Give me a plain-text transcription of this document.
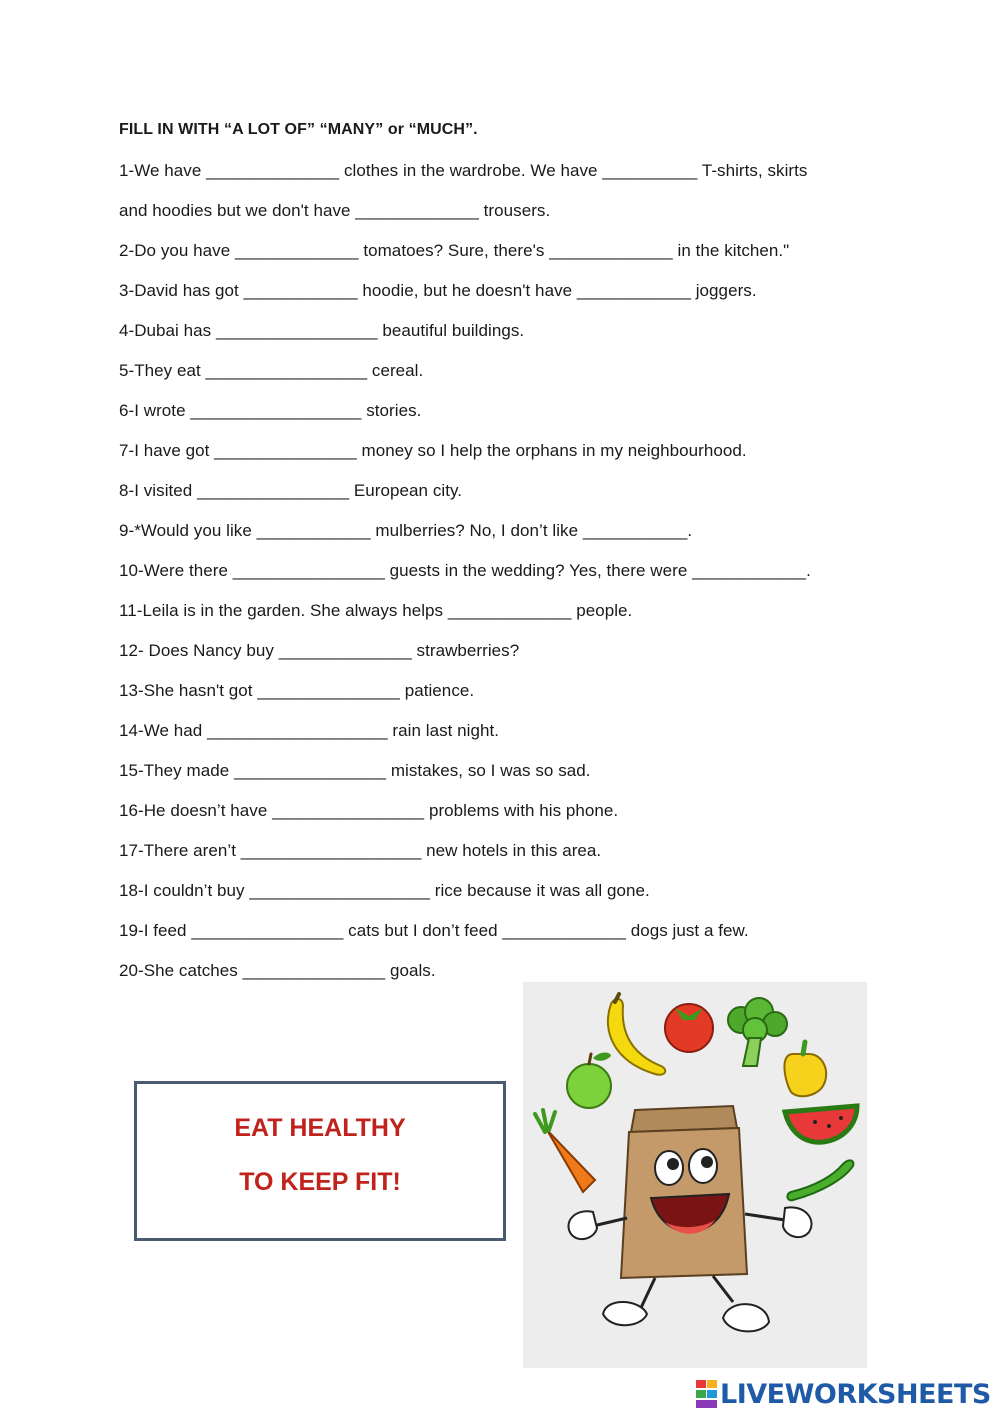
FILL IN WITH “A LOT OF” “MANY” or “MUCH”.
1-We have ______________ clothes in the wardrobe. We have __________ T-shirts, skirts
and hoodies but we don't have _____________ trousers.
2-Do you have _____________ tomatoes? Sure, there's _____________ in the kitchen."
3-David has got ____________ hoodie, but he doesn't have ____________ joggers.
4-Dubai has _________________ beautiful buildings.
5-They eat _________________ cereal.
6-I wrote __________________ stories.
7-I have got _______________ money so I help the orphans in my neighbourhood.
8-I visited ________________ European city.
9-*Would you like ____________ mulberries? No, I don’t like ___________.
10-Were there ________________ guests in the wedding? Yes, there were ____________.
11-Leila is in the garden. She always helps _____________ people.
12- Does Nancy buy ______________ strawberries?
13-She hasn't got _______________ patience.
14-We had ___________________ rain last night.
15-They made ________________ mistakes, so I was so sad.
16-He doesn’t have ________________ problems with his phone.
17-There aren’t ___________________ new hotels in this area.
18-I couldn’t buy ___________________ rice because it was all gone.
19-I feed ________________ cats but I don’t feed _____________ dogs just a few.
20-She catches _______________ goals.
EAT HEALTHY
TO KEEP FIT!
LIVEWORKSHEETS
